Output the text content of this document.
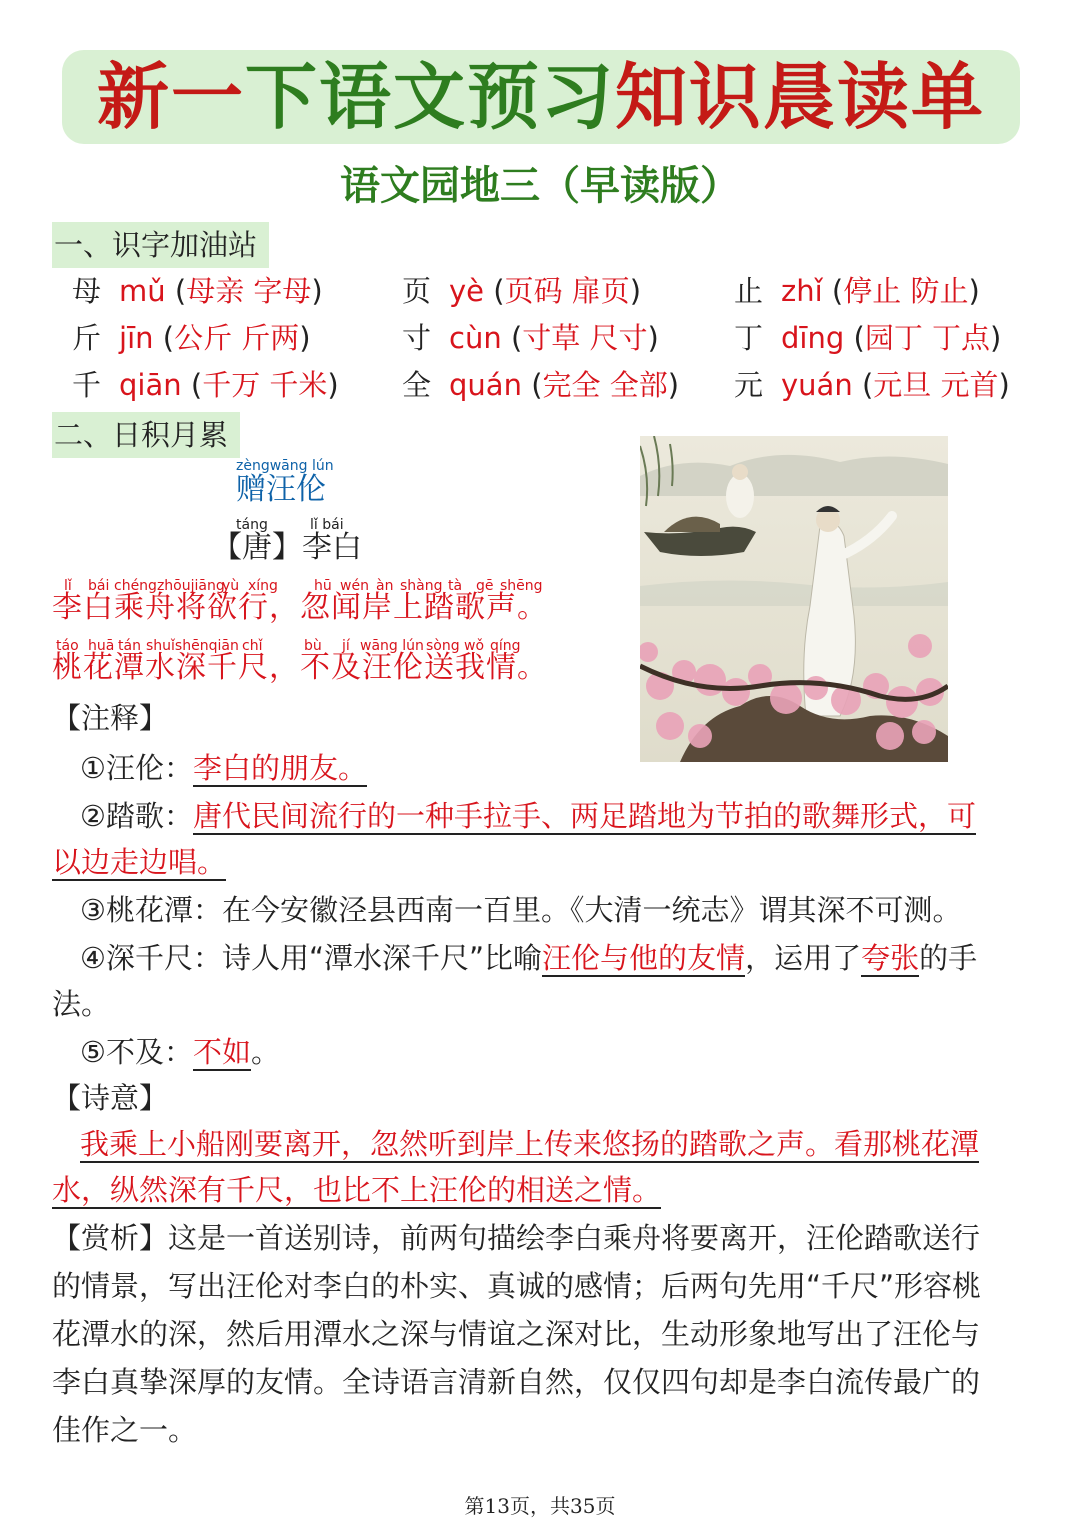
新一下语文预习知识晨读单
语文园地三（早读版）
一、识字加油站
母 mǔ (母亲 字母)	页 yè (页码 扉页)	止 zhǐ (停止 防止)
斤 jīn (公斤 斤两)	寸 cùn (寸草 尺寸)	丁 dīng (园丁 丁点)
千 qiān (千万 千米) 全 quán (完全 全部) 元 yuán (元旦 元首)
二、日积月累
zèngwāng lún
赠汪伦
táng	lǐ bái
【唐】李白
lǐ bái chéngzhōujiāng
yù xíng	hū wén àn shàng tà gē shēng
李白乘舟将欲行，忽闻岸上踏歌声。
táo huā tán shuǐshēnqiān chǐ	bù jí wāng lún sòng wǒ qíng
桃花潭水深千尺，不及汪伦送我情。
【注释】
①汪伦：李白的朋友。
②踏歌：唐代民间流行的一种手拉手、两足踏地为节拍的歌舞形式，可
以边走边唱。
③桃花潭：在今安徽泾县西南一百里。《大清一统志》谓其深不可测。
④深千尺：诗人用“潭水深千尺”比喻汪伦与他的友情，运用了夸张的手
法。
⑤不及：不如。
【诗意】
我乘上小船刚要离开，忽然听到岸上传来悠扬的踏歌之声。看那桃花潭
水，纵然深有千尺，也比不上汪伦的相送之情。
【赏析】这是一首送别诗，前两句描绘李白乘舟将要离开，汪伦踏歌送行
的情景，写出汪伦对李白的朴实、真诚的感情；后两句先用“千尺”形容桃
花潭水的深，然后用潭水之深与情谊之深对比，生动形象地写出了汪伦与
李白真挚深厚的友情。全诗语言清新自然，仅仅四句却是李白流传最广的
佳作之一。
第13页，共35页
